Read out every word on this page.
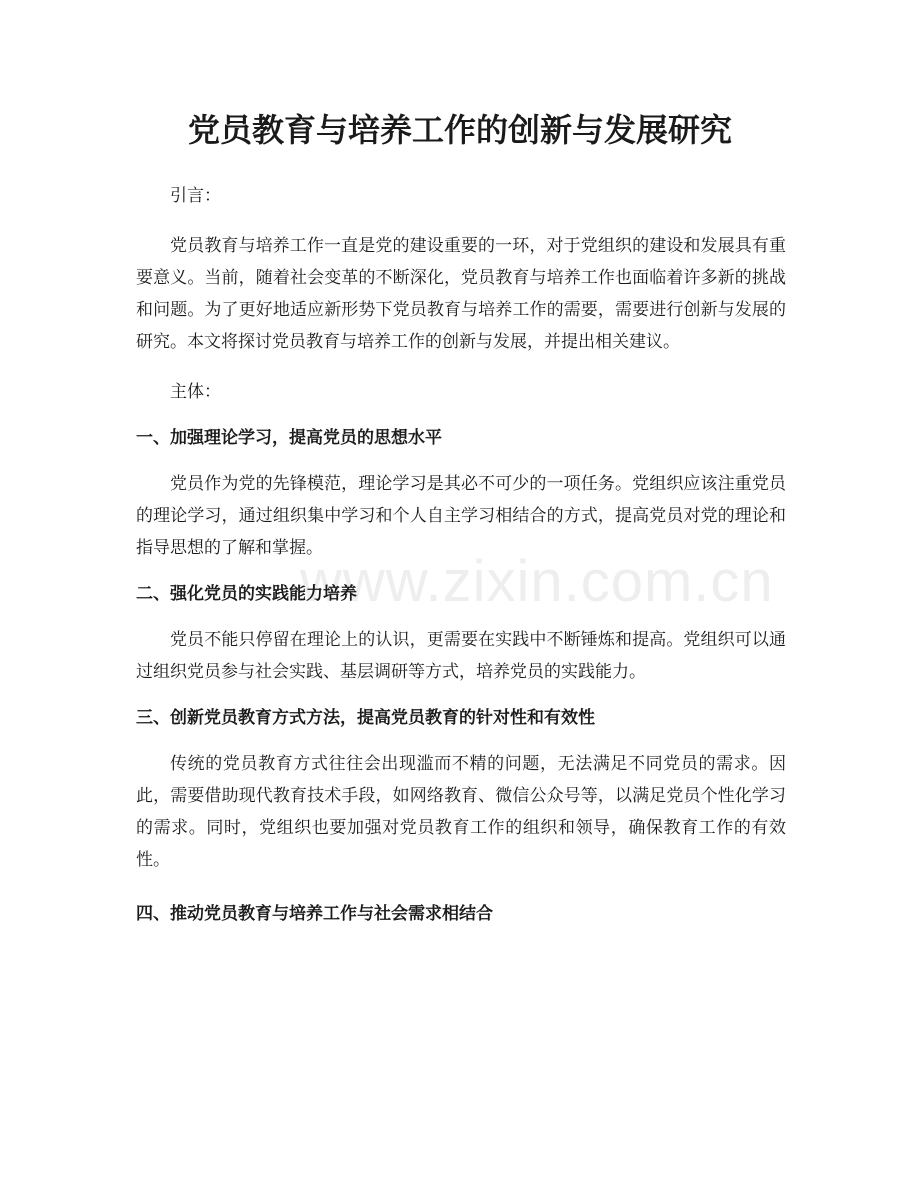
www.zixin.com.cn
党员教育与培养工作的创新与发展研究

引言：

党员教育与培养工作一直是党的建设重要的一环，对于党组织的建设和发展具有重要意义。当前，随着社会变革的不断深化，党员教育与培养工作也面临着许多新的挑战和问题。为了更好地适应新形势下党员教育与培养工作的需要，需要进行创新与发展的研究。本文将探讨党员教育与培养工作的创新与发展，并提出相关建议。

主体：

一、加强理论学习，提高党员的思想水平

党员作为党的先锋模范，理论学习是其必不可少的一项任务。党组织应该注重党员的理论学习，通过组织集中学习和个人自主学习相结合的方式，提高党员对党的理论和指导思想的了解和掌握。

二、强化党员的实践能力培养

党员不能只停留在理论上的认识，更需要在实践中不断锤炼和提高。党组织可以通过组织党员参与社会实践、基层调研等方式，培养党员的实践能力。

三、创新党员教育方式方法，提高党员教育的针对性和有效性

传统的党员教育方式往往会出现滥而不精的问题，无法满足不同党员的需求。因此，需要借助现代教育技术手段，如网络教育、微信公众号等，以满足党员个性化学习的需求。同时，党组织也要加强对党员教育工作的组织和领导，确保教育工作的有效性。

四、推动党员教育与培养工作与社会需求相结合
